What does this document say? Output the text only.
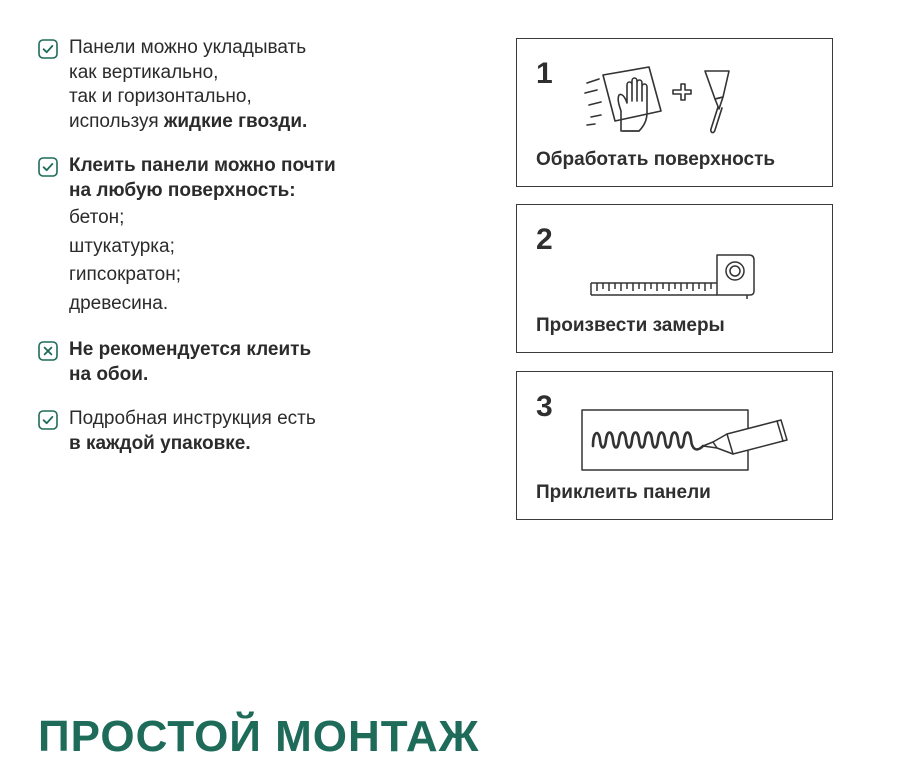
Панели можно укладывать
как вертикально,
так и горизонтально,
используя жидкие гвозди.
Клеить панели можно почти
на любую поверхность:
бетон;
штукатурка;
гипсократон;
древесина.
Не рекомендуется клеить
на обои.
Подробная инструкция есть
в каждой упаковке.
1
Обработать поверхность
2
Произвести замеры
3
Приклеить панели
ПРОСТОЙ МОНТАЖ
